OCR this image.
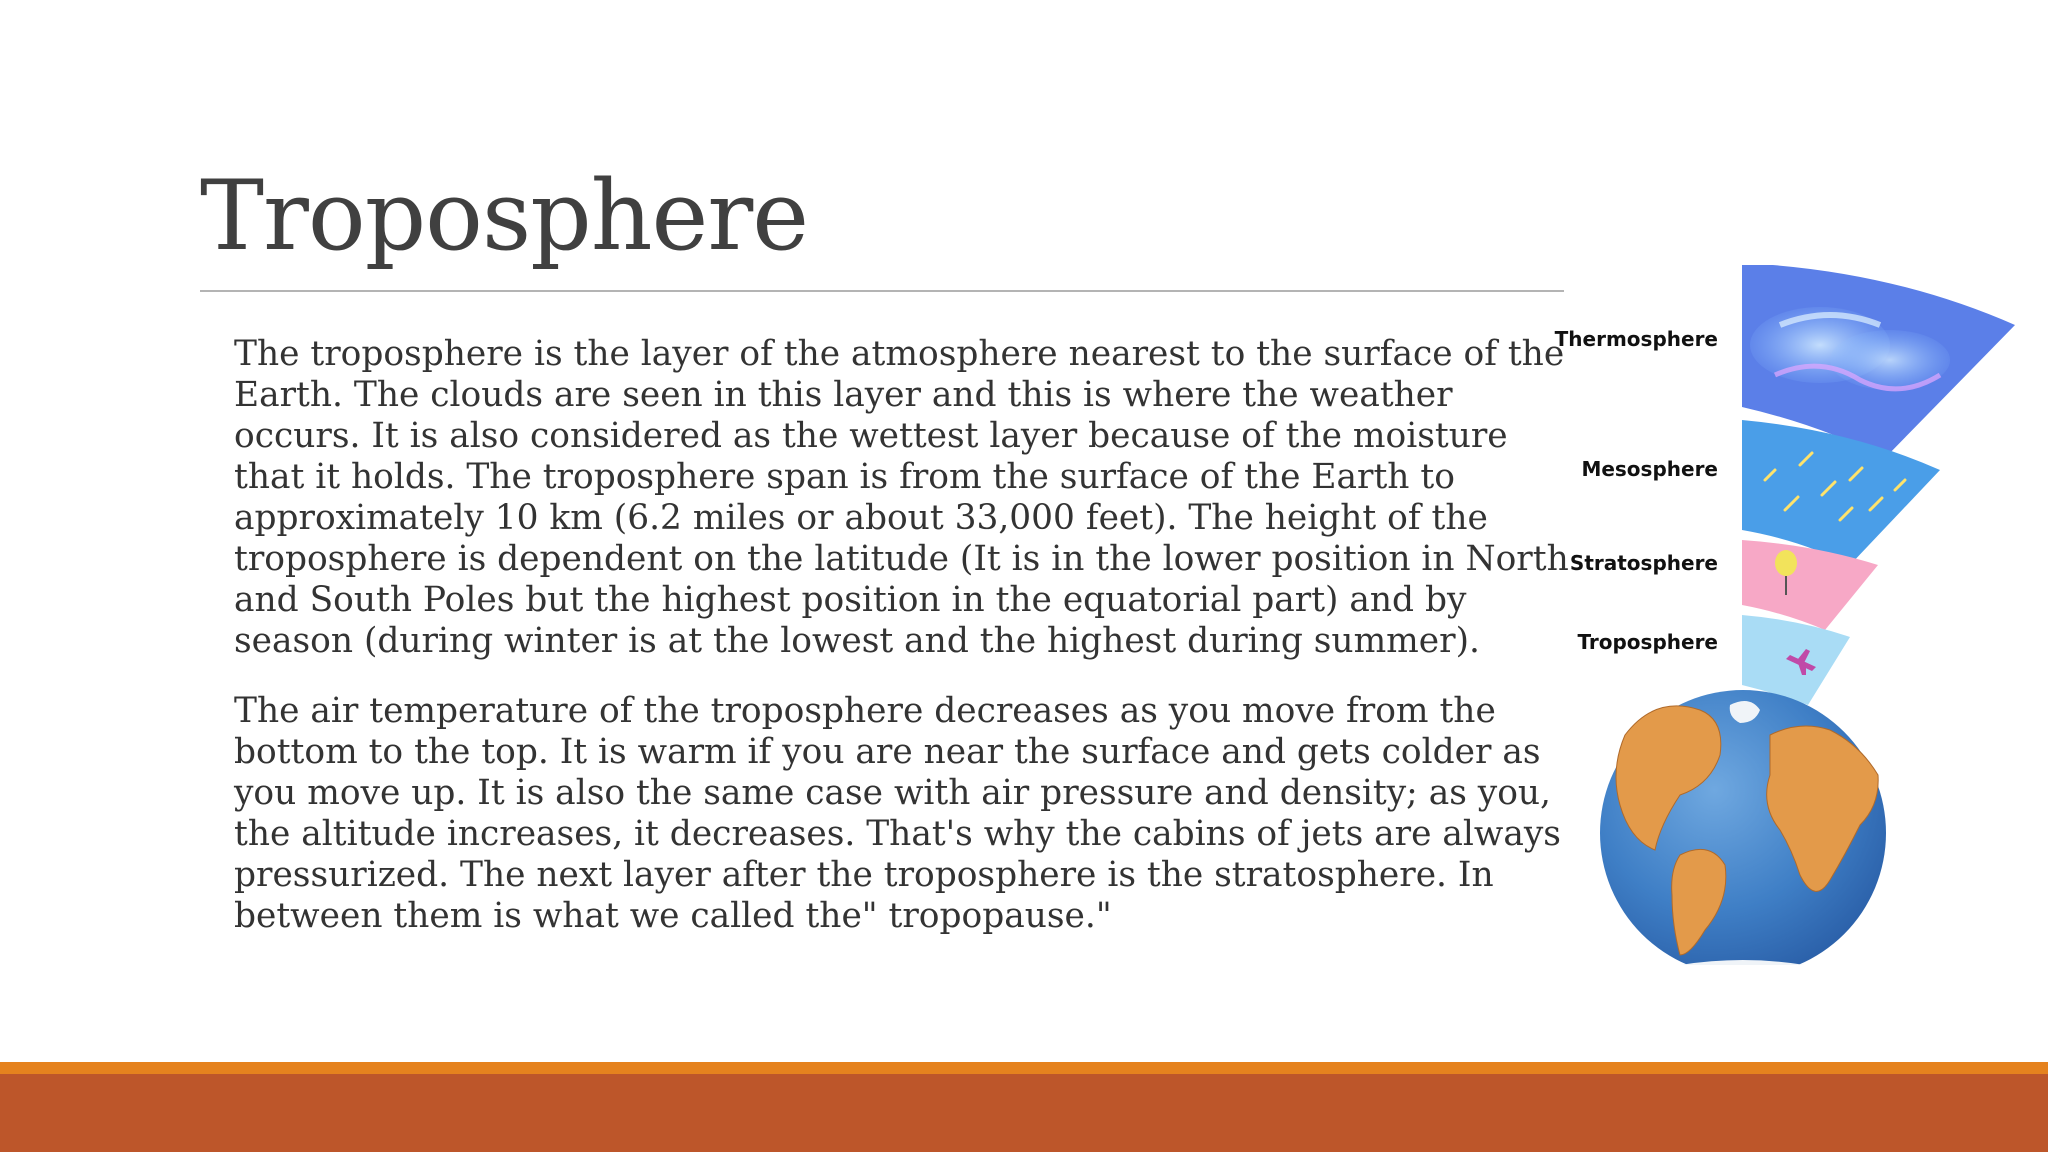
Troposphere

The troposphere is the layer of the atmosphere nearest to the surface of the Earth. The clouds are seen in this layer and this is where the weather occurs. It is also considered as the wettest layer because of the moisture that it holds. The troposphere span is from the surface of the Earth to approximately 10 km (6.2 miles or about 33,000 feet). The height of the troposphere is dependent on the latitude (It is in the lower position in North and South Poles but the highest position in the equatorial part) and by season (during winter is at the lowest and the highest during summer).

The air temperature of the troposphere decreases as you move from the bottom to the top. It is warm if you are near the surface and gets colder as you move up. It is also the same case with air pressure and density; as you, the altitude increases, it decreases. That's why the cabins of jets are always pressurized. The next layer after the troposphere is the stratosphere. In between them is what we called the" tropopause."

Thermosphere
Mesosphere
Stratosphere
Troposphere
